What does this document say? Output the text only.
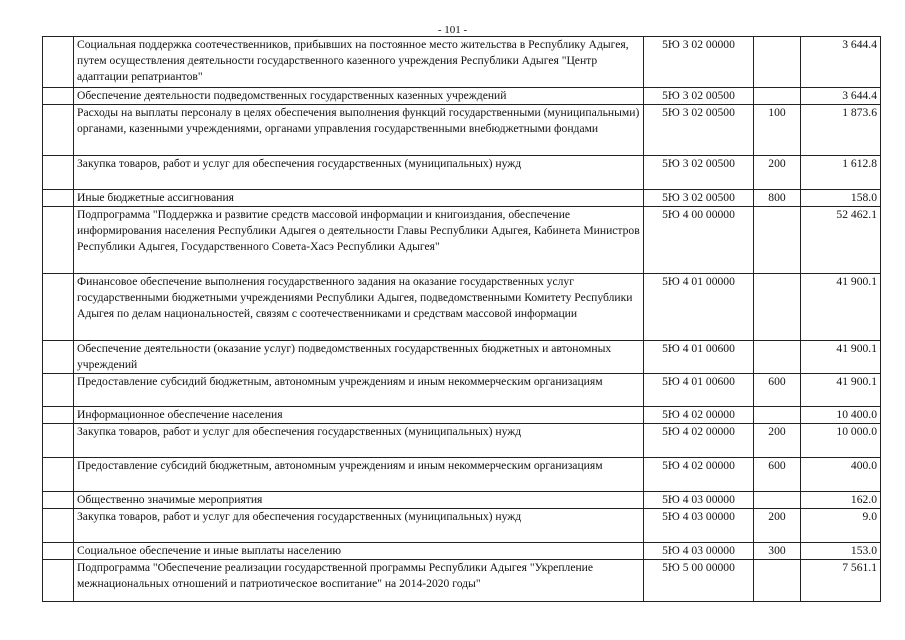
- 101 -
	Социальная поддержка соотечественников, прибывших на постоянное место жительства в Республику Адыгея, путем осуществления деятельности государственного казенного учреждения Республики Адыгея "Центр адаптации репатриантов"	5Ю 3 02 00000		3 644.4
	Обеспечение деятельности подведомственных государственных казенных учреждений	5Ю 3 02 00500		3 644.4
	Расходы на выплаты персоналу в целях обеспечения выполнения функций государственными (муниципальными) органами, казенными учреждениями, органами управления государственными внебюджетными фондами	5Ю 3 02 00500	100	1 873.6
	Закупка товаров, работ и услуг для обеспечения государственных (муниципальных) нужд	5Ю 3 02 00500	200	1 612.8
	Иные бюджетные ассигнования	5Ю 3 02 00500	800	158.0
	Подпрограмма "Поддержка и развитие средств массовой информации и книгоиздания, обеспечение информирования населения Республики Адыгея о деятельности Главы Республики Адыгея, Кабинета Министров Республики Адыгея, Государственного Совета-Хасэ Республики Адыгея"	5Ю 4 00 00000		52 462.1
	Финансовое обеспечение выполнения государственного задания на оказание государственных услуг государственными бюджетными учреждениями Республики Адыгея, подведомственными Комитету Республики Адыгея по делам национальностей, связям с соотечественниками и средствам массовой информации	5Ю 4 01 00000		41 900.1
	Обеспечение деятельности (оказание услуг) подведомственных государственных бюджетных и автономных учреждений	5Ю 4 01 00600		41 900.1
	Предоставление субсидий бюджетным, автономным учреждениям и иным некоммерческим организациям	5Ю 4 01 00600	600	41 900.1
	Информационное обеспечение населения	5Ю 4 02 00000		10 400.0
	Закупка товаров, работ и услуг для обеспечения государственных (муниципальных) нужд	5Ю 4 02 00000	200	10 000.0
	Предоставление субсидий бюджетным, автономным учреждениям и иным некоммерческим организациям	5Ю 4 02 00000	600	400.0
	Общественно значимые мероприятия	5Ю 4 03 00000		162.0
	Закупка товаров, работ и услуг для обеспечения государственных (муниципальных) нужд	5Ю 4 03 00000	200	9.0
	Социальное обеспечение и иные выплаты населению	5Ю 4 03 00000	300	153.0
	Подпрограмма "Обеспечение реализации государственной программы Республики Адыгея "Укрепление межнациональных отношений и патриотическое воспитание" на 2014-2020 годы"	5Ю 5 00 00000		7 561.1
